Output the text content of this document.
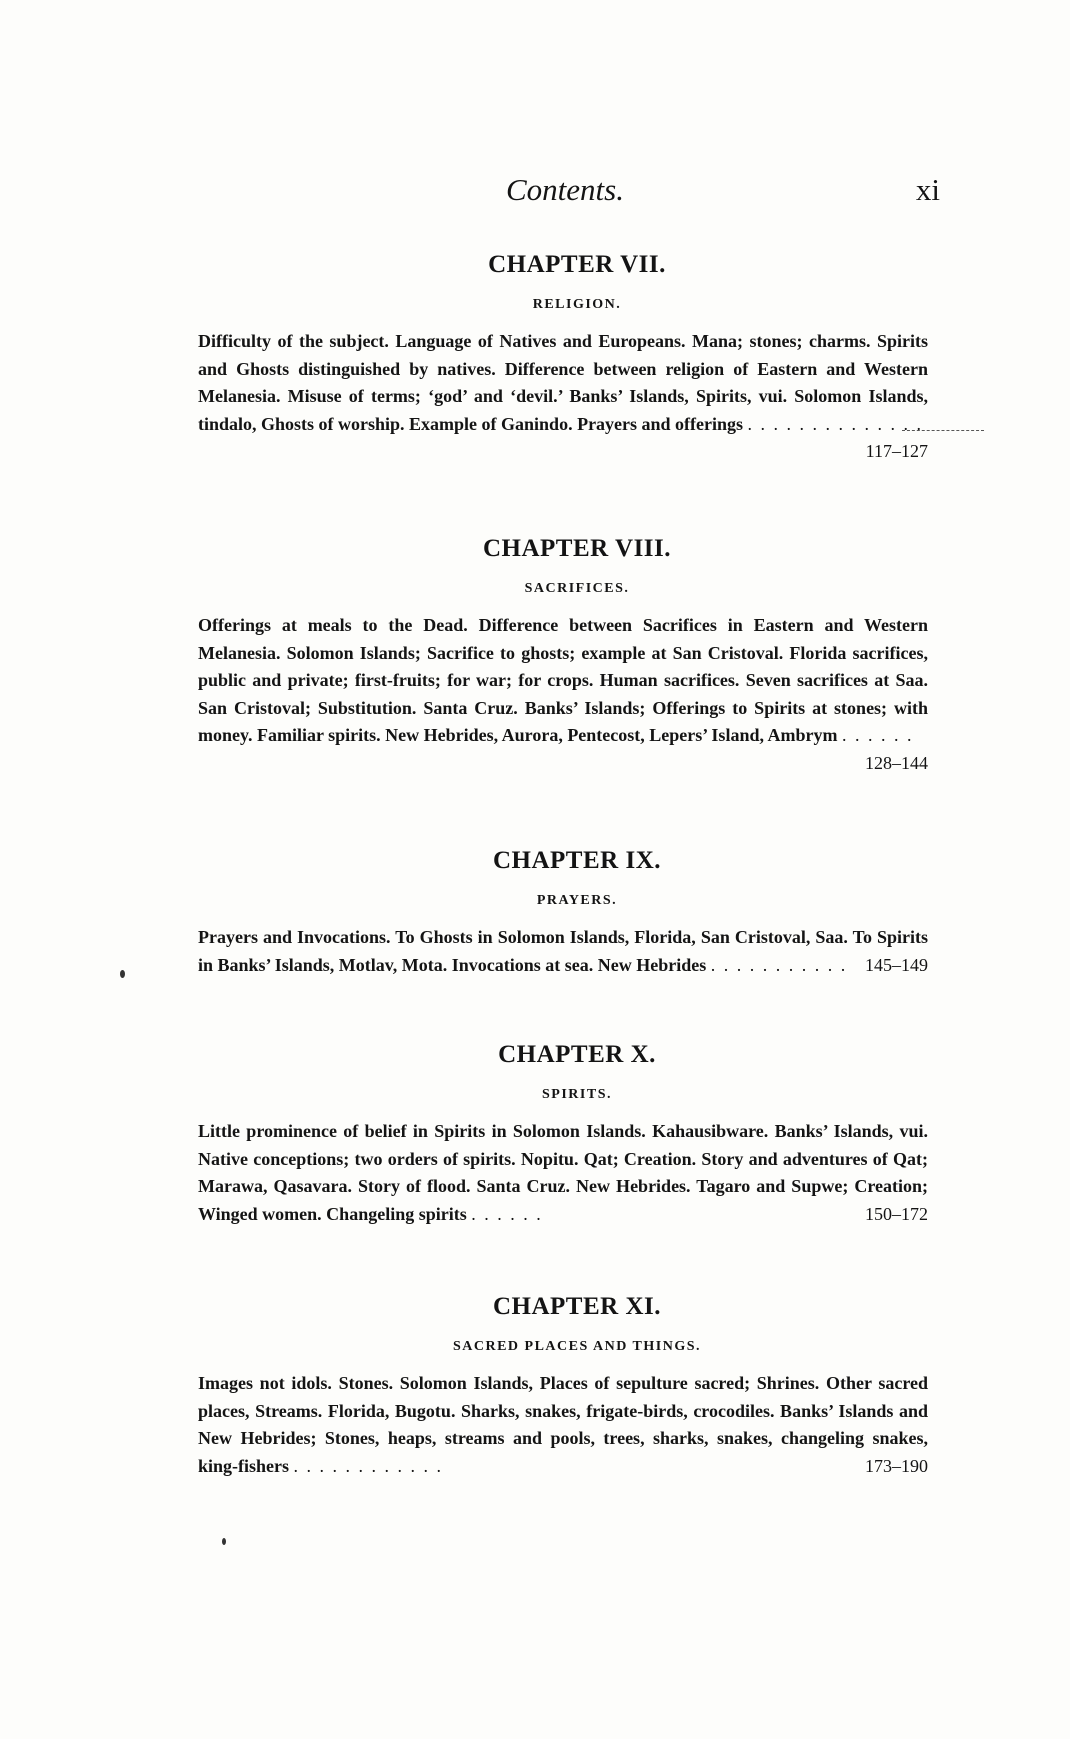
Contents.	xi
CHAPTER VII.
RELIGION.

Difficulty of the subject. Language of Natives and Europeans. Mana; stones; charms. Spirits and Ghosts distinguished by natives. Difference between religion of Eastern and Western Melanesia. Misuse of terms; ‘god’ and ‘devil.’ Banks’ Islands, Spirits, vui. Solomon Islands, tindalo, Ghosts of worship. Example of Ganindo. Prayers and offerings . . . . . . . . . . . . . .
117–127

CHAPTER VIII.
SACRIFICES.

Offerings at meals to the Dead. Difference between Sacrifices in Eastern and Western Melanesia. Solomon Islands; Sacrifice to ghosts; example at San Cristoval. Florida sacrifices, public and private; first-fruits; for war; for crops. Human sacrifices. Seven sacrifices at Saa. San Cristoval; Substitution. Santa Cruz. Banks’ Islands; Offerings to Spirits at stones; with money. Familiar spirits. New Hebrides, Aurora, Pentecost, Lepers’ Island, Ambrym . . . . . .
128–144

CHAPTER IX.
PRAYERS.

Prayers and Invocations. To Ghosts in Solomon Islands, Florida, San Cristoval, Saa. To Spirits in Banks’ Islands, Motlav, Mota. Invocations at sea. New Hebrides . . . . . . . . . . . 145–149

CHAPTER X.
SPIRITS.

Little prominence of belief in Spirits in Solomon Islands. Kahausibware. Banks’ Islands, vui. Native conceptions; two orders of spirits. Nopitu. Qat; Creation. Story and adventures of Qat; Marawa, Qasavara. Story of flood. Santa Cruz. New Hebrides. Tagaro and Supwe; Creation; Winged women. Changeling spirits . . . . . .	150–172

CHAPTER XI.
SACRED PLACES AND THINGS.

Images not idols. Stones. Solomon Islands, Places of sepulture sacred; Shrines. Other sacred places, Streams. Florida, Bugotu. Sharks, snakes, frigate-birds, crocodiles. Banks’ Islands and New Hebrides; Stones, heaps, streams and pools, trees, sharks, snakes, changeling snakes, king-fishers . . . . . . . . . . . .	173–190
